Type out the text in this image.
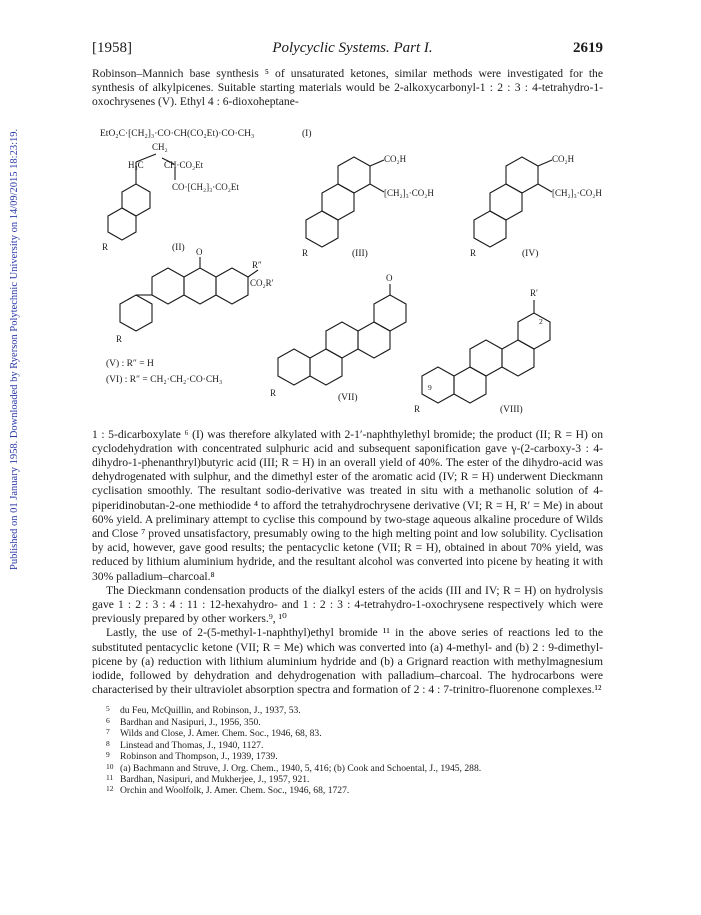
Published on 01 January 1958. Downloaded by Ryerson Polytechnic University on 14/09/2015 18:23:19.
[1958]	Polycyclic Systems. Part I.	2619

Robinson–Mannich base synthesis ⁵ of unsaturated ketones, similar methods were investigated for the synthesis of alkylpicenes. Suitable starting materials would be 2-alkoxycarbonyl-1 : 2 : 3 : 4-tetrahydro-1-oxochrysenes (V). Ethyl 4 : 6-dioxoheptane-

EtO₂C·[CH₂]₃·CO·CH(CO₂Et)·CO·CH₃	(I)
CH₂
H₃C CH·CO₂Et
CO·[CH₂]₃·CO₂Et
R	(II)
CO₂H
[CH₂]₃·CO₂H
R	(III)
CO₂H
[CH₂]₃·CO₂H
R	(IV)
O
R″
CO₂R′
R
(V) : R″ = H
(VI) : R″ = CH₂·CH₂·CO·CH₃
O
R	(VII)
R′
2
9
R	(VIII)

1 : 5-dicarboxylate ⁶ (I) was therefore alkylated with 2-1′-naphthylethyl bromide; the product (II; R = H) on cyclodehydration with concentrated sulphuric acid and subsequent saponification gave γ-(2-carboxy-3 : 4-dihydro-1-phenanthryl)butyric acid (III; R = H) in an overall yield of 40%. The ester of the dihydro-acid was dehydrogenated with sulphur, and the dimethyl ester of the aromatic acid (IV; R = H) underwent Dieckmann cyclisation smoothly. The resultant sodio-derivative was treated in situ with a methanolic solution of 4-piperidinobutan-2-one methiodide ⁴ to afford the tetrahydrochrysene derivative (VI; R = H, R′ = Me) in about 60% yield. A preliminary attempt to cyclise this compound by two-stage aqueous alkaline procedure of Wilds and Close ⁷ proved unsatisfactory, presumably owing to the high melting point and low solubility. Cyclisation by acid, however, gave good results; the pentacyclic ketone (VII; R = H), obtained in about 70% yield, was reduced by lithium aluminium hydride, and the resultant alcohol was converted into picene by heating it with 30% palladium–charcoal.⁸

The Dieckmann condensation products of the dialkyl esters of the acids (III and IV; R = H) on hydrolysis gave 1 : 2 : 3 : 4 : 11 : 12-hexahydro- and 1 : 2 : 3 : 4-tetrahydro-1-oxochrysene respectively which were previously prepared by other workers.⁹, ¹⁰

Lastly, the use of 2-(5-methyl-1-naphthyl)ethyl bromide ¹¹ in the above series of reactions led to the substituted pentacyclic ketone (VII; R = Me) which was converted into (a) 4-methyl- and (b) 2 : 9-dimethyl-picene by (a) reduction with lithium aluminium hydride and (b) a Grignard reaction with methylmagnesium iodide, followed by dehydration and dehydrogenation with palladium–charcoal. The hydrocarbons were characterised by their ultraviolet absorption spectra and formation of 2 : 4 : 7-trinitro-fluorenone complexes.¹²

5 du Feu, McQuillin, and Robinson, J., 1937, 53.
6 Bardhan and Nasipuri, J., 1956, 350.
7 Wilds and Close, J. Amer. Chem. Soc., 1946, 68, 83.
8 Linstead and Thomas, J., 1940, 1127.
9 Robinson and Thompson, J., 1939, 1739.
10 (a) Bachmann and Struve, J. Org. Chem., 1940, 5, 416; (b) Cook and Schoental, J., 1945, 288.
11 Bardhan, Nasipuri, and Mukherjee, J., 1957, 921.
12 Orchin and Woolfolk, J. Amer. Chem. Soc., 1946, 68, 1727.
